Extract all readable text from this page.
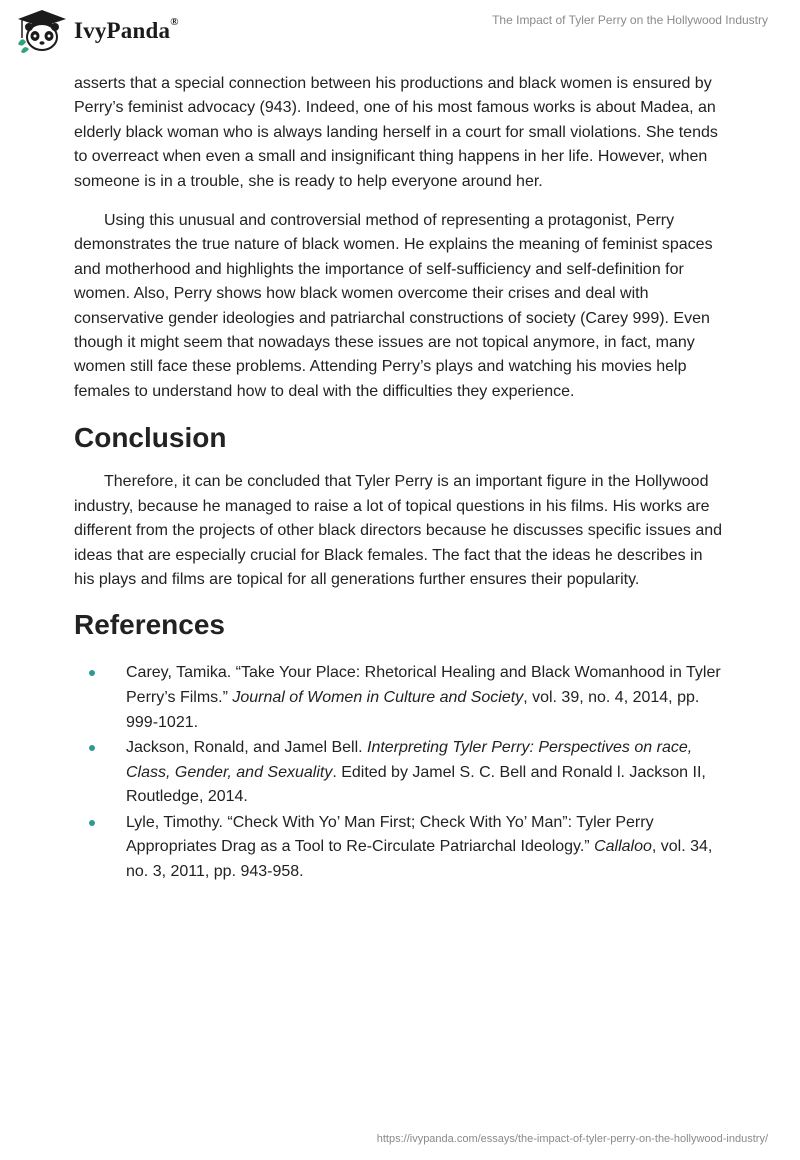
IvyPanda®	The Impact of Tyler Perry on the Hollywood Industry

asserts that a special connection between his productions and black women is ensured by Perry’s feminist advocacy (943). Indeed, one of his most famous works is about Madea, an elderly black woman who is always landing herself in a court for small violations. She tends to overreact when even a small and insignificant thing happens in her life. However, when someone is in a trouble, she is ready to help everyone around her.

Using this unusual and controversial method of representing a protagonist, Perry demonstrates the true nature of black women. He explains the meaning of feminist spaces and motherhood and highlights the importance of self-sufficiency and self-definition for women. Also, Perry shows how black women overcome their crises and deal with conservative gender ideologies and patriarchal constructions of society (Carey 999). Even though it might seem that nowadays these issues are not topical anymore, in fact, many women still face these problems. Attending Perry’s plays and watching his movies help females to understand how to deal with the difficulties they experience.

Conclusion

Therefore, it can be concluded that Tyler Perry is an important figure in the Hollywood industry, because he managed to raise a lot of topical questions in his films. His works are different from the projects of other black directors because he discusses specific issues and ideas that are especially crucial for Black females. The fact that the ideas he describes in his plays and films are topical for all generations further ensures their popularity.

References
Carey, Tamika. “Take Your Place: Rhetorical Healing and Black Womanhood in Tyler Perry’s Films.” Journal of Women in Culture and Society, vol. 39, no. 4, 2014, pp. 999-1021.
Jackson, Ronald, and Jamel Bell. Interpreting Tyler Perry: Perspectives on race, Class, Gender, and Sexuality. Edited by Jamel S. C. Bell and Ronald l. Jackson II, Routledge, 2014.
Lyle, Timothy. “Check With Yo’ Man First; Check With Yo’ Man”: Tyler Perry Appropriates Drag as a Tool to Re-Circulate Patriarchal Ideology.” Callaloo, vol. 34, no. 3, 2011, pp. 943-958.
https://ivypanda.com/essays/the-impact-of-tyler-perry-on-the-hollywood-industry/
